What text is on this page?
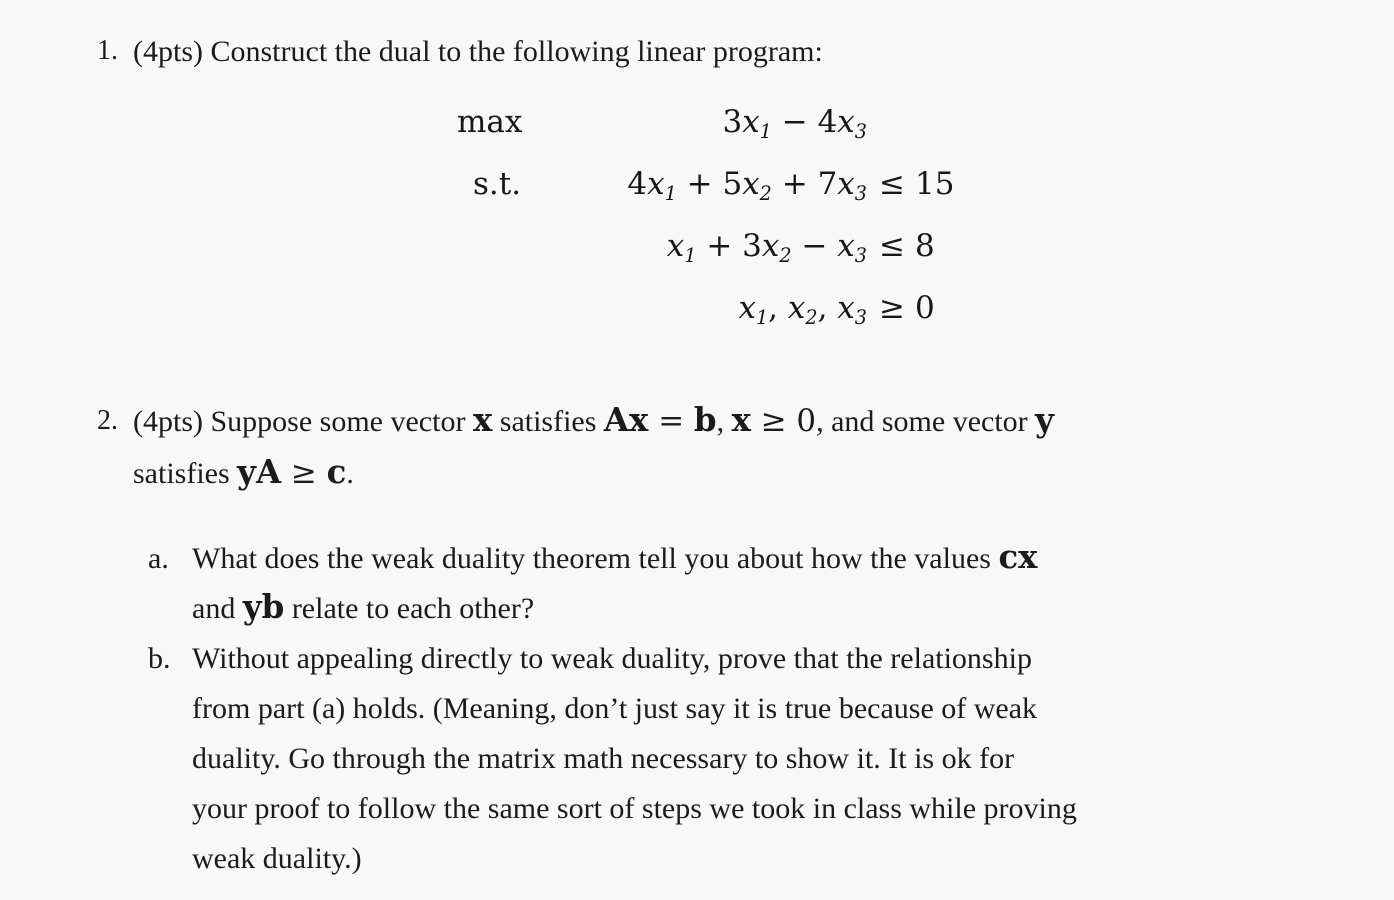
1. (4pts) Construct the dual to the following linear program:
max	$3x_1 - 4x_3$
s.t.	$4x_1 + 5x_2 + 7x_3 \le 15$
$x_1 + 3x_2 - x_3 \le 8$
$x_1$, $x_2$, $x_3 \ge 0$
2. (4pts) Suppose some vector x satisfies Ax = b, x ≥ 0, and some vector y
satisfies yA ≥ c.
a. What does the weak duality theorem tell you about how the values cx
and yb relate to each other?
b. Without appealing directly to weak duality, prove that the relationship
from part (a) holds. (Meaning, don’t just say it is true because of weak
duality. Go through the matrix math necessary to show it. It is ok for
your proof to follow the same sort of steps we took in class while proving
weak duality.)
